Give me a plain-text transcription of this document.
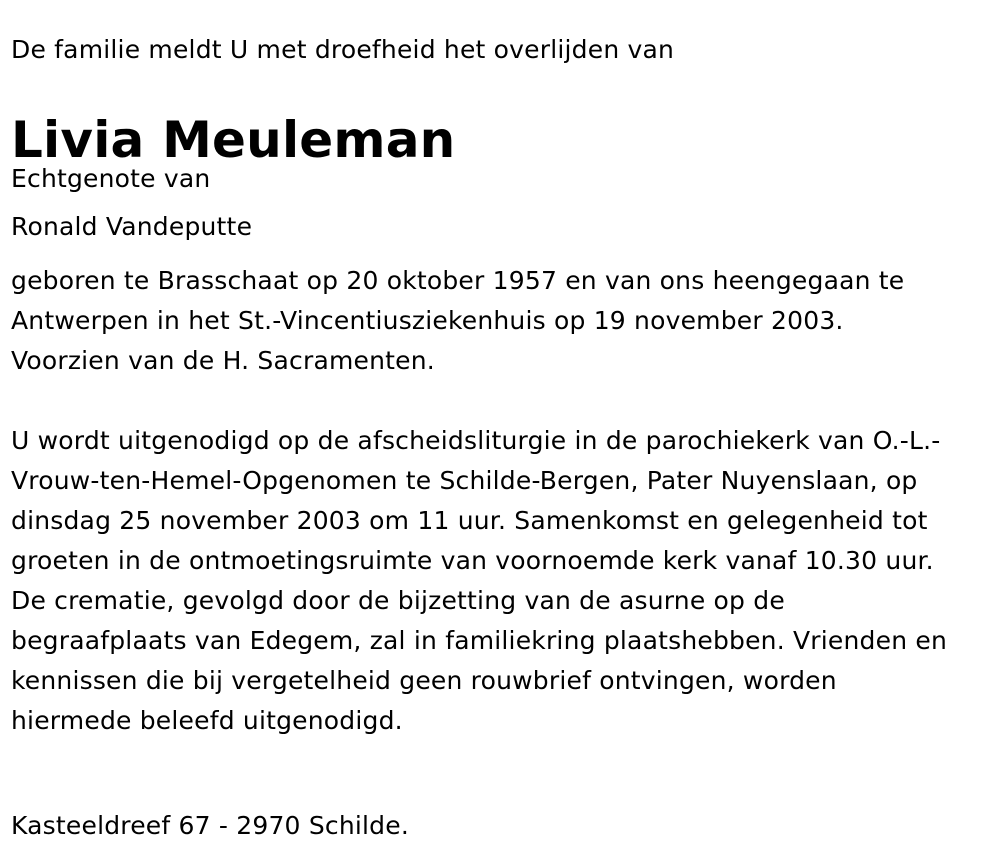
De familie meldt U met droefheid het overlijden van

Livia Meuleman

Echtgenote van

Ronald Vandeputte

geboren te Brasschaat op 20 oktober 1957 en van ons heengegaan te
Antwerpen in het St.-Vincentiusziekenhuis op 19 november 2003.
Voorzien van de H. Sacramenten.
U wordt uitgenodigd op de afscheidsliturgie in de parochiekerk van O.-L.-
Vrouw-ten-Hemel-Opgenomen te Schilde-Bergen, Pater Nuyenslaan, op
dinsdag 25 november 2003 om 11 uur. Samenkomst en gelegenheid tot
groeten in de ontmoetingsruimte van voornoemde kerk vanaf 10.30 uur.
De crematie, gevolgd door de bijzetting van de asurne op de
begraafplaats van Edegem, zal in familiekring plaatshebben. Vrienden en
kennissen die bij vergetelheid geen rouwbrief ontvingen, worden
hiermede beleefd uitgenodigd.

Kasteeldreef 67 - 2970 Schilde.
